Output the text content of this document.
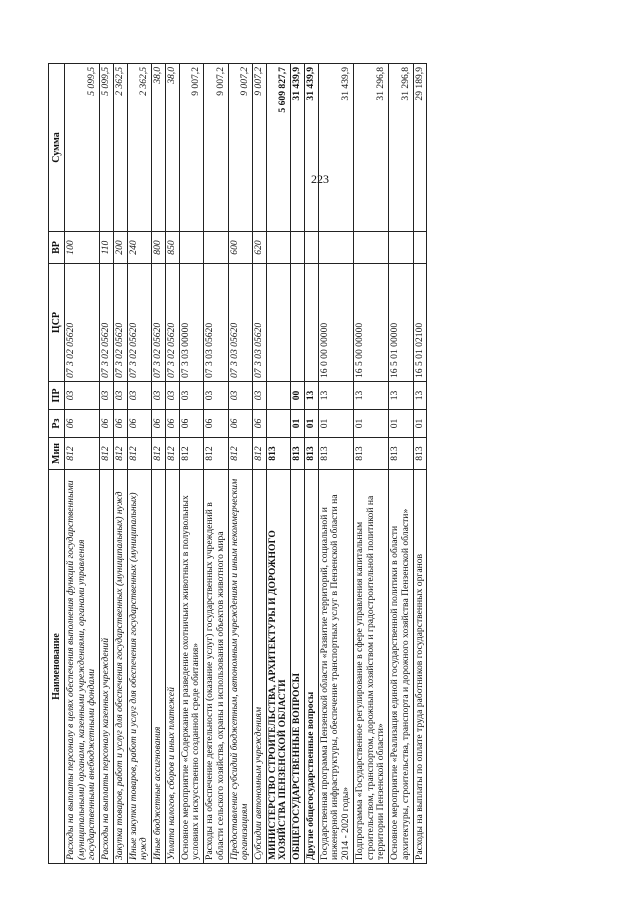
223
Наименование	Мин	Рз	ПР	ЦСР	ВР	Сумма
Расходы на выплаты персоналу в целях обеспечения выполнения функций государственными (муниципальными) органами, казенными учреждениями, органами управления государственными внебюджетными фондами	812	06	03	07 3 02 05620	100	5 099,5
Расходы на выплаты персоналу казенных учреждений	812	06	03	07 3 02 05620	110	5 099,5
Закупка товаров, работ и услуг для обеспечения государственных (муниципальных) нужд	812	06	03	07 3 02 05620	200	2 362,5
Иные закупки товаров, работ и услуг для обеспечения государственных (муниципальных) нужд	812	06	03	07 3 02 05620	240	2 362,5
Иные бюджетные ассигнования	812	06	03	07 3 02 05620	800	38,0
Уплата налогов, сборов и иных платежей	812	06	03	07 3 02 05620	850	38,0
Основное мероприятие «Содержание и разведение охотничьих животных в полувольных условиях и искусственно созданной среде обитания»	812	06	03	07 3 03 00000		9 007,2
Расходы на обеспечение деятельности (оказание услуг) государственных учреждений в области сельского хозяйства, охраны и использования объектов животного мира	812	06	03	07 3 03 05620		9 007,2
Предоставление субсидий бюджетным, автономным учреждениям и иным некоммерческим организациям	812	06	03	07 3 03 05620	600	9 007,2
Субсидии автономным учреждениям	812	06	03	07 3 03 05620	620	9 007,2
МИНИСТЕРСТВО СТРОИТЕЛЬСТВА, АРХИТЕКТУРЫ И ДОРОЖНОГО ХОЗЯЙСТВА ПЕНЗЕНСКОЙ ОБЛАСТИ	813					5 609 827,7
ОБЩЕГОСУДАРСТВЕННЫЕ ВОПРОСЫ	813	01	00			31 439,9
Другие общегосударственные вопросы	813	01	13			31 439,9
Государственная программа Пензенской области «Развитие территорий, социальной и инженерной инфраструктуры, обеспечение транспортных услуг в Пензенской области на 2014 - 2020 годы»	813	01	13	16 0 00 00000		31 439,9
Подпрограмма «Государственное регулирование в сфере управления капитальным строительством, транспортом, дорожным хозяйством и градостроительной политикой на территории Пензенской области»	813	01	13	16 5 00 00000		31 296,8
Основное мероприятие «Реализация единой государственной политики в области архитектуры, строительства, транспорта и дорожного хозяйства Пензенской области»	813	01	13	16 5 01 00000		31 296,8
Расходы на выплаты по оплате труда работников государственных органов	813	01	13	16 5 01 02100		29 189,9
